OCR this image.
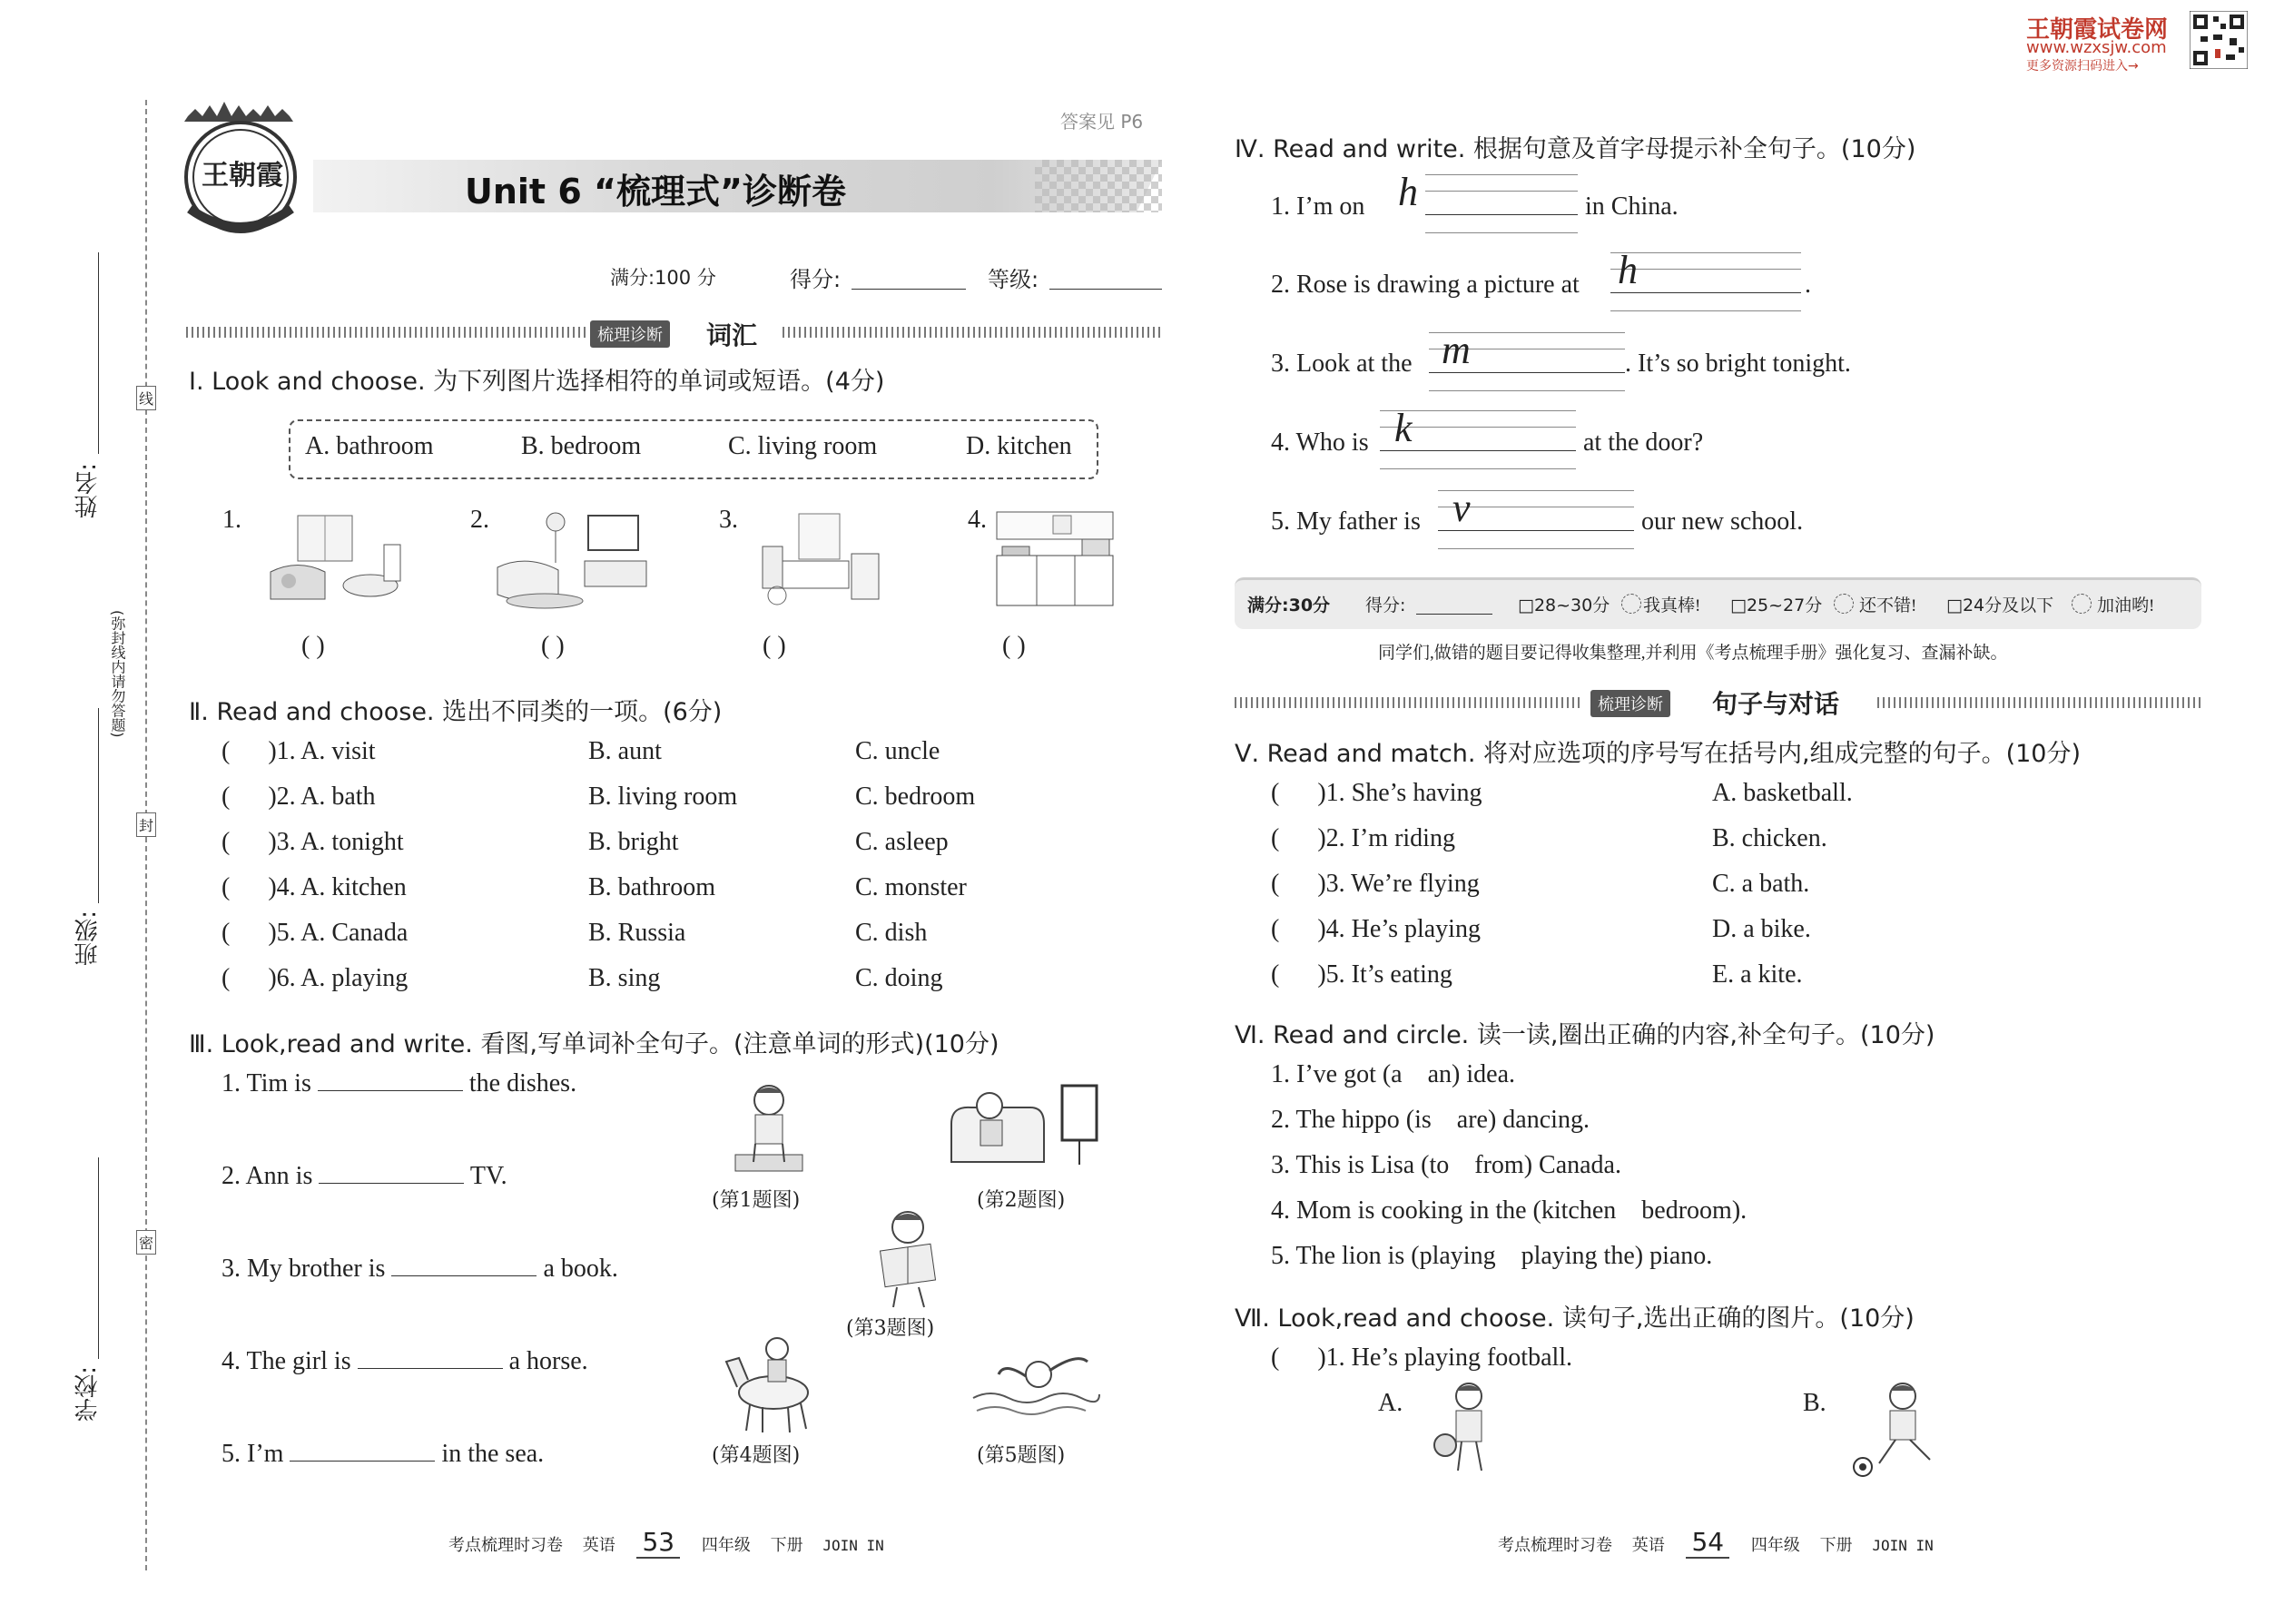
王朝霞试卷网
www.wzxsjw.com
更多资源扫码进入→
线
封
密
(弥封线内请勿答题)
姓名:
班级:
学校:
王朝霞
答案见 P6
Unit 6 “梳理式”诊断卷
满分:100 分	得分:	等级:
梳理诊断 词汇
Ⅰ. Look and choose. 为下列图片选择相符的单词或短语。(4分)
A. bathroom	B. bedroom	C. living room	D. kitchen
1.	2.	3.	4.
( )	( )	( )	( )
Ⅱ. Read and choose. 选出不同类的一项。(6分)
(      )1. A. visit	B. aunt	C. uncle
(      )2. A. bath	B. living room	C. bedroom
(      )3. A. tonight	B. bright	C. asleep
(      )4. A. kitchen	B. bathroom	C. monster
(      )5. A. Canada	B. Russia	C. dish
(      )6. A. playing	B. sing	C. doing
Ⅲ. Look,read and write. 看图,写单词补全句子。(注意单词的形式)(10分)
1. Tim is	the dishes.
2. Ann is	TV.
3. My brother is	a book.
4. The girl is	a horse.
5. I’m	in the sea.
(第1题图)	(第2题图)
(第3题图)
(第4题图)	(第5题图)
考点梳理时习卷 英语 53 四年级 下册 JOIN IN
Ⅳ. Read and write. 根据句意及首字母提示补全句子。(10分)
1. I’m on h	in China.
2. Rose is drawing a picture at h	.
3. Look at the m	. It’s so bright tonight.
4. Who is k	at the door?
5. My father is v	our new school.
满分:30分 得分:	□28~30分 我真棒! □25~27分 还不错! □24分及以下	加油哟!
同学们,做错的题目要记得收集整理,并利用《考点梳理手册》强化复习、查漏补缺。
梳理诊断 句子与对话
Ⅴ. Read and match. 将对应选项的序号写在括号内,组成完整的句子。(10分)
(      )1. She’s having	A. basketball.
(      )2. I’m riding	B. chicken.
(      )3. We’re flying	C. a bath.
(      )4. He’s playing	D. a bike.
(      )5. It’s eating	E. a kite.
Ⅵ. Read and circle. 读一读,圈出正确的内容,补全句子。(10分)
1. I’ve got (a    an) idea.
2. The hippo (is    are) dancing.
3. This is Lisa (to    from) Canada.
4. Mom is cooking in the (kitchen    bedroom).
5. The lion is (playing    playing the) piano.
Ⅶ. Look,read and choose. 读句子,选出正确的图片。(10分)
(      )1. He’s playing football.
A.	B.
考点梳理时习卷 英语 54 四年级 下册 JOIN IN
